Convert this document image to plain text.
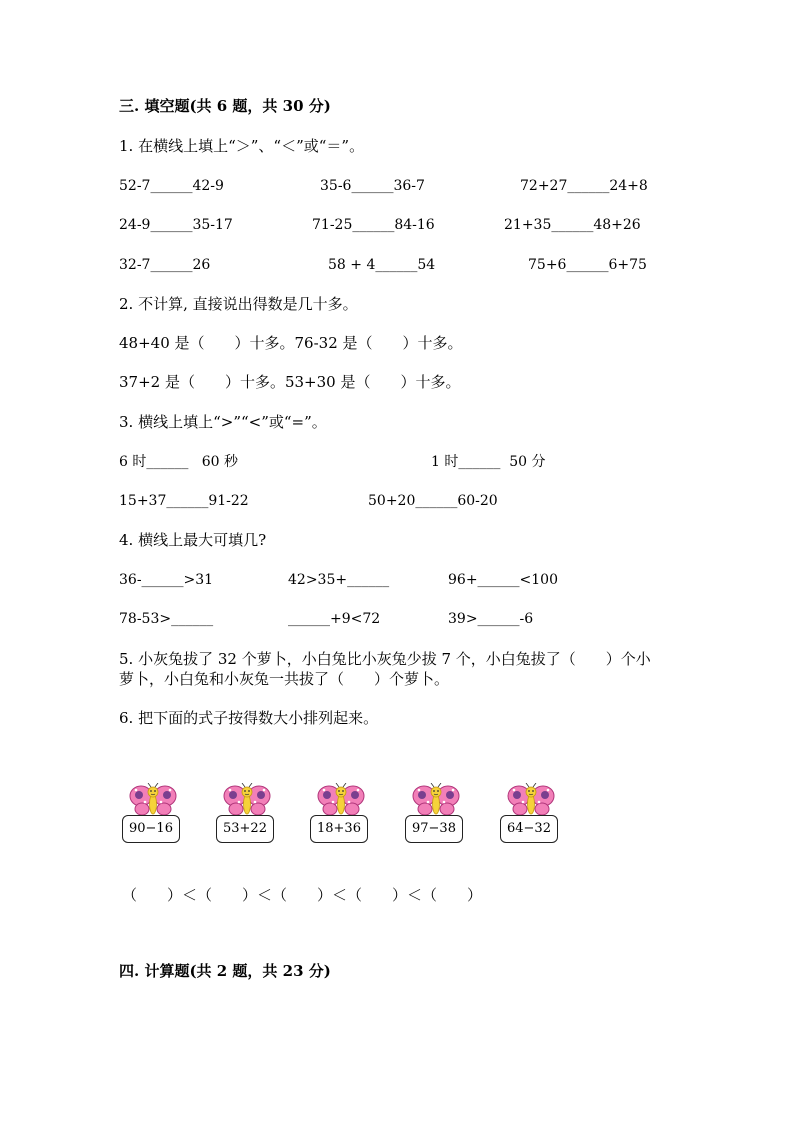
三. 填空题(共 6 题，共 30 分)
1. 在横线上填上“＞”、“＜”或“＝”。
52-7______42-9	35-6______36-7	72+27______24+8
24-9______35-17	71-25______84-16	21+35______48+26
32-7______26	58 + 4______54	75+6______6+75
2. 不计算, 直接说出得数是几十多。
48+40 是（　　）十多。76-32 是（　　）十多。
37+2 是（　　）十多。53+30 是（　　）十多。
3. 横线上填上“>”“<”或“=”。
6 时______   60 秒	1 时______  50 分
15+37______91-22	50+20______60-20
4. 横线上最大可填几?
36-______>31	42>35+______	96+______<100
78-53>______	______+9<72	39>______-6
5. 小灰兔拔了 32 个萝卜，小白兔比小灰兔少拔 7 个，小白兔拔了（　　）个小
萝卜，小白兔和小灰兔一共拔了（　　）个萝卜。
6. 把下面的式子按得数大小排列起来。
90−16	53+22	18+36	97−38	64−32
（　　）＜（　　）＜（　　）＜（　　）＜（　　）
四. 计算题(共 2 题，共 23 分)
